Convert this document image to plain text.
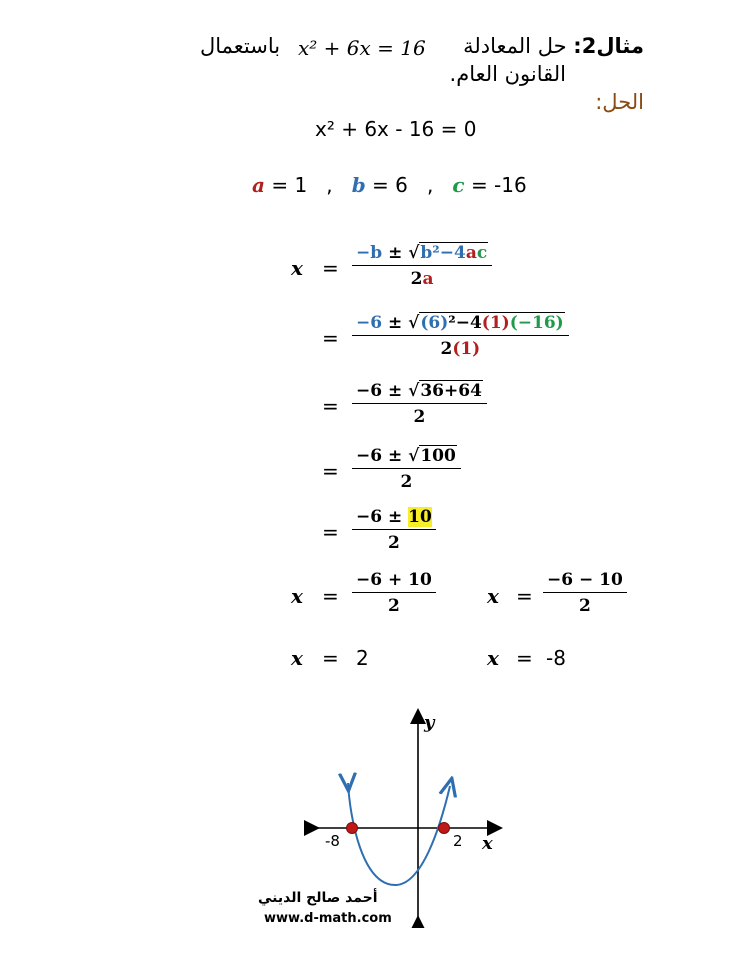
مثال2: حل المعادلة
x² + 6x = 16
باستعمال
القانون العام.
الحل:
x² + 6x - 16 = 0
a = 1 , b = 6 , c = -16
$x = \frac{\text{−b ± √b²−4ac}}{2a}$
= $\frac{\text{−6 ± √(6)²−4(1)(−16)}}{2(1)}$
= $\frac{-6 \pm √36+64}{2}$
= $\frac{-6 \pm √100}{2}$
= $\frac{-6 \pm 10}{2}$
$x = \frac{-6 + 10}{2}$	$x = \frac{-6 - 10}{2}$
x = 2	x = -8
y
x
-8	2
أحمد صالح الديني
www.d-math.com
